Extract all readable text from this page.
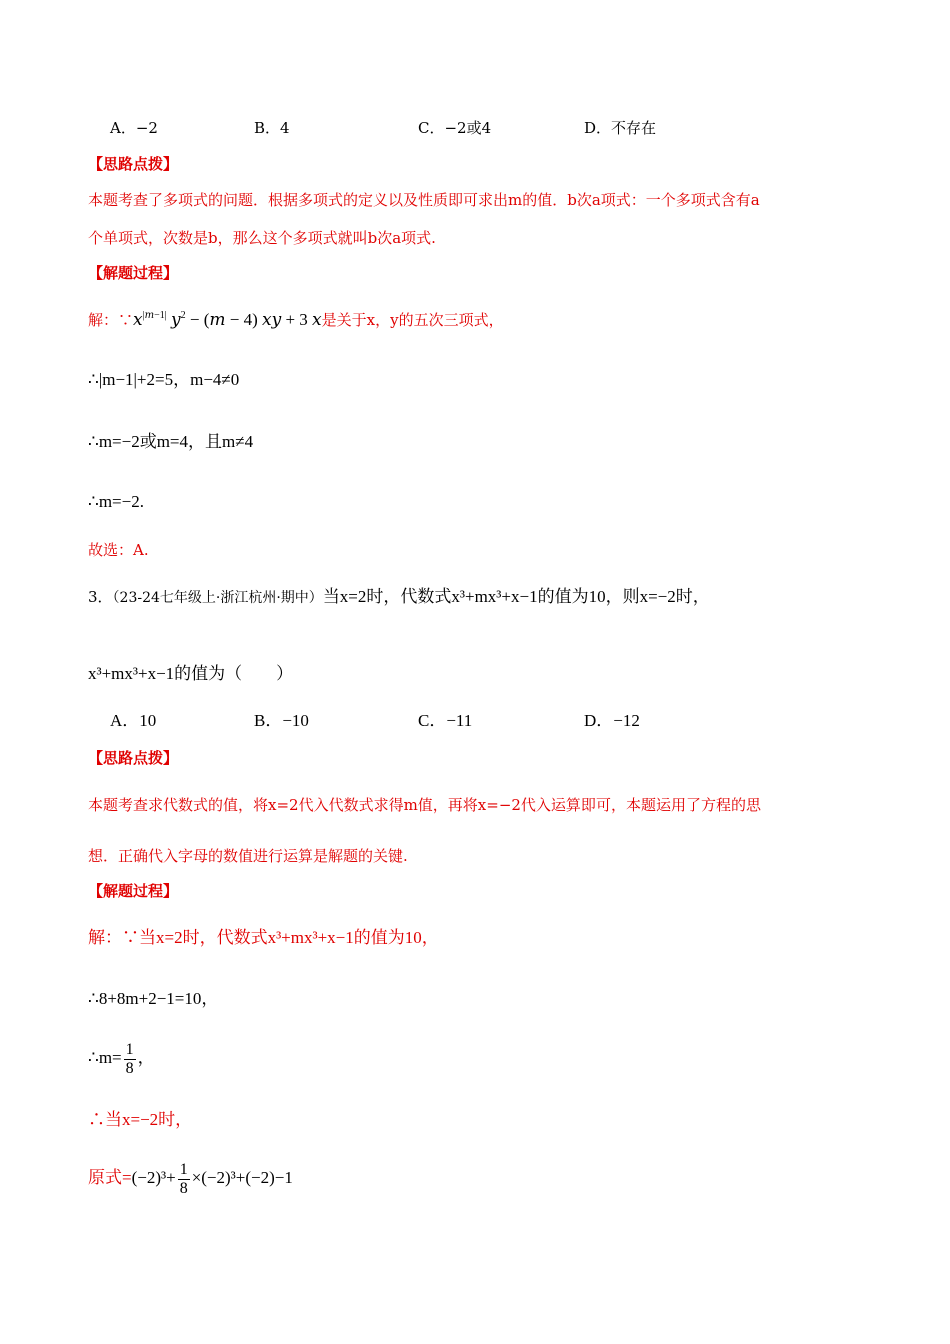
A．−2	B．4	C．−2或4	D．不存在
【思路点拨】
本题考查了多项式的问题．根据多项式的定义以及性质即可求出m的值．b次a项式：一个多项式含有a
个单项式，次数是b，那么这个多项式就叫b次a项式.
【解题过程】
解：$\because x^{|m-1|}$ $y^2 - (m - 4)$ xy + 3 x是关于x，y的五次三项式，
∴|m−1|+2=5，m−4≠0
∴m=−2或m=4，且m≠4
∴m=−2.
故选：A.
3．（23-24七年级上·浙江杭州·期中）当x=2时，代数式x³+mx³+x−1的值为10，则x=−2时，
x³+mx³+x−1的值为（　　）
A．10	B．−10	C．−11	D．−12
【思路点拨】
本题考查求代数式的值，将x=2代入代数式求得m值，再将x=−2代入运算即可，本题运用了方程的思
想．正确代入字母的数值进行运算是解题的关键.
【解题过程】
解：∵当x=2时，代数式x³+mx³+x−1的值为10，
∴8+8m+2−1=10，
∴m= $\frac{1}{8}$ ，
∴当x=−2时，
原式$=(-2)^3+ \frac{1}{8} \times(-2)^3+(-2)-1$
